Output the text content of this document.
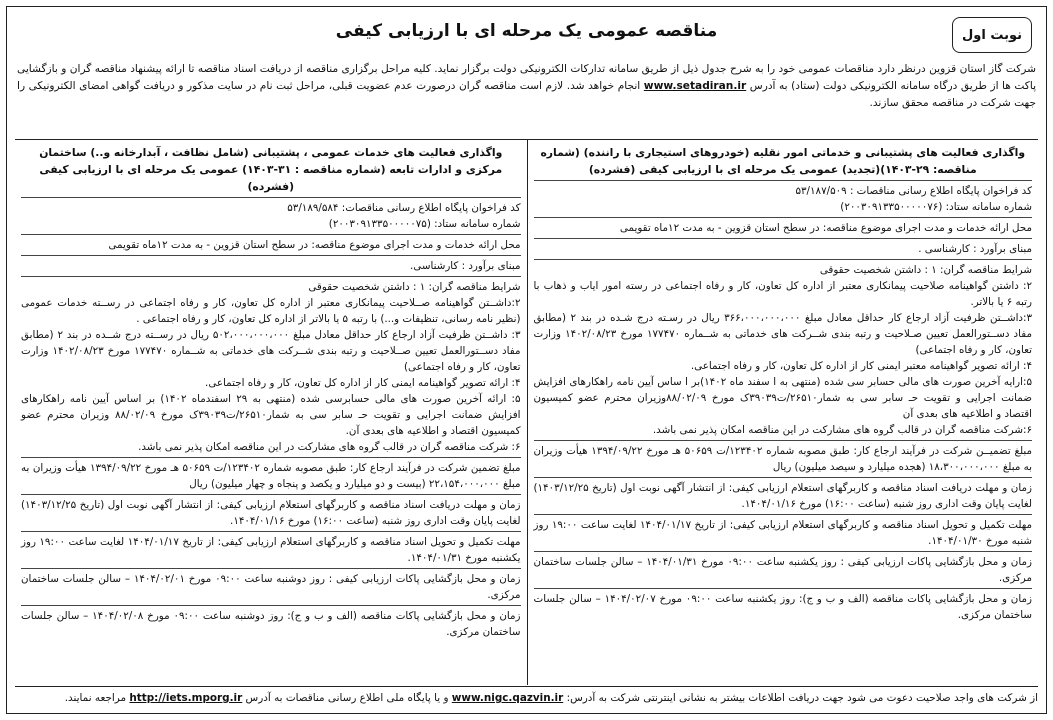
مناقصه عمومی یک مرحله ای با ارزیابی کیفی	نوبت اول
شرکت گاز استان قزوین درنظر دارد مناقصات عمومی خود را به شرح جدول ذیل از طریق سامانه تدارکات الکترونیکی دولت برگزار نماید. کلیه مراحل برگزاری مناقصه از دریافت اسناد مناقصه تا ارائه پیشنهاد مناقصه گران و بازگشایی پاکت ها از طریق درگاه سامانه الکترونیکی دولت (ستاد) به آدرس www.setadiran.ir انجام خواهد شد. لازم است مناقصه گران درصورت عدم عضویت قبلی، مراحل ثبت نام در سایت مذکور و دریافت گواهی امضای الکترونیکی را جهت شرکت در مناقصه محقق سازند.
واگذاری فعالیت های پشتیبانی و خدماتی امور نقلیه (خودروهای استیجاری با راننده) (شماره مناقصه: ۲۹-۱۴۰۳)(تجدید) عمومی یک مرحله ای با ارزیابی کیفی (فشرده)
کد فراخوان پایگاه اطلاع رسانی مناقصات : ۵۳/۱۸۷/۵۰۹
شماره سامانه ستاد: (۲۰۰۳۰۹۱۳۳۵۰۰۰۰۰۷۶)
محل ارائه خدمات و مدت اجرای موضوع مناقصه: در سطح استان قزوین - به مدت ۱۲ماه تقویمی
مبنای برآورد : کارشناسی .
شرایط مناقصه گران: ۱ : داشتن شخصیت حقوقی
۲: داشتن گواهینامه صلاحیت پیمانکاری معتبر از اداره کل تعاون، کار و رفاه اجتماعی در رسته امور ایاب و ذهاب با رتبه ۶ یا بالاتر.
۳:داشــتن ظرفیت آزاد ارجاع کار حداقل معادل مبلغ ۳۶۶،۰۰۰،۰۰۰،۰۰۰ ریال در رسـته درج شـده در بند ۲ (مطابق مفاد دســتورالعمل تعیین صـلاحیت و رتبه بندی شــرکت های خدماتی به شــماره ۱۷۷۴۷۰ مورخ ۱۴۰۲/۰۸/۲۳ وزارت تعاون، کار و رفاه اجتماعی)
۴: ارائه تصویر گواهینامه معتبر ایمنی کار از اداره کل تعاون، کار و رفاه اجتماعی.
۵:ارایه آخرین صورت های مالی حسابر سی شده (منتهی به ا سفند ماه ۱۴۰۲)بر ا ساس آیین نامه راهکارهای افزایش ضمانت اجرایی و تقویت حـ سابر سی به شمار۲۶۵۱۰/ت۳۹۰۳۹ک مورخ ۸۸/۰۲/۰۹وزیران محترم عضو کمیسیون اقتصاد و اطلاعیه های بعدی آن
۶:شرکت مناقصه گران در قالب گروه های مشارکت در این مناقصه امکان پذیر نمی باشد.
مبلغ تضمیــن شرکت در فرآیند ارجاع کار: طبق مصوبه شماره ۱۲۳۴۰۲/ت ۵۰۶۵۹ هـ مورخ ۱۳۹۴/۰۹/۲۲ هیأت وزیران به مبلغ ۱۸،۳۰۰،۰۰۰،۰۰۰ (هجده میلیارد و سیصد میلیون) ریال
زمان و مهلت دریافت اسناد مناقصه و کاربرگهای استعلام ارزیابی کیفی: از انتشار آگهی نوبت اول (تاریخ ۱۴۰۳/۱۲/۲۵) لغایت پایان وقت اداری روز شنبه (ساعت ۱۶:۰۰) مورخ ۱۴۰۴/۰۱/۱۶.
مهلت تکمیل و تحویل اسناد مناقصه و کاربرگهای استعلام ارزیابی کیفی: از تاریخ ۱۴۰۴/۰۱/۱۷ لغایت ساعت ۱۹:۰۰ روز شنبه مورخ ۱۴۰۴/۰۱/۳۰.
زمان و محل بازگشایی پاکات ارزیابی کیفی : روز یکشنبه ساعت ۰۹:۰۰ مورخ ۱۴۰۴/۰۱/۳۱ – سالن جلسات ساختمان مرکزی.
زمان و محل بازگشایی پاکات مناقصه (الف و ب و ج): روز یکشنبه ساعت ۰۹:۰۰ مورخ ۱۴۰۴/۰۲/۰۷ – سالن جلسات ساختمان مرکزی.
واگذاری فعالیت های خدمات عمومی ، پشتیبانی (شامل نظافت ، آبدارخانه و..) ساختمان مرکزی و ادارات تابعه (شماره مناقصه : ۳۱-۱۴۰۳) عمومی یک مرحله ای با ارزیابی کیفی (فشرده)
کد فراخوان پایگاه اطلاع رسانی مناقصات: ۵۳/۱۸۹/۵۸۴
شماره سامانه ستاد: (۲۰۰۳۰۹۱۳۳۵۰۰۰۰۰۷۵)
محل ارائه خدمات و مدت اجرای موضوع مناقصه: در سطح استان قزوین - به مدت ۱۲ماه تقویمی
مبنای برآورد : کارشناسی.
شرایط مناقصه گران: ۱ : داشتن شخصیت حقوقی
۲:داشــتن گواهینامه صــلاحیت پیمانکاری معتبر از اداره کل تعاون، کار و رفاه اجتماعی در رســته خدمات عمومی (نظیر نامه رسانی، تنظیفات و...) با رتبه ۵ یا بالاتر از اداره کل تعاون، کار و رفاه اجتماعی .
۳: داشــتن ظرفیت آزاد ارجاع کار حداقل معادل مبلغ ۵۰۲،۰۰۰،۰۰۰،۰۰۰ ریال در رســته درج شــده در بند ۲ (مطابق مفاد دســتورالعمل تعیین صــلاحیت و رتبه بندی شــرکت های خدماتی به شــماره ۱۷۷۴۷۰ مورخ ۱۴۰۲/۰۸/۲۳ وزارت تعاون، کار و رفاه اجتماعی)
۴: ارائه تصویر گواهینامه ایمنی کار از اداره کل تعاون، کار و رفاه اجتماعی.
۵: ارائه آخرین صورت های مالی حسابرسی شده (منتهی به ۲۹ اسفندماه ۱۴۰۲) بر اساس آیین نامه راهکارهای افزایش ضمانت اجرایی و تقویت حـ سابر سی به شمار۲۶۵۱۰/ت۳۹۰۳۹ک مورخ ۸۸/۰۲/۰۹ وزیران محترم عضو کمیسیون اقتصاد و اطلاعیه های بعدی آن.
۶: شرکت مناقصه گران در قالب گروه های مشارکت در این مناقصه امکان پذیر نمی باشد.
مبلغ تضمین شرکت در فرآیند ارجاع کار: طبق مصوبه شماره ۱۲۳۴۰۲/ت ۵۰۶۵۹ هـ مورخ ۱۳۹۴/۰۹/۲۲ هیأت وزیران به مبلغ ۲۲،۱۵۴،۰۰۰،۰۰۰ (بیست و دو میلیارد و یکصد و پنجاه و چهار میلیون) ریال
زمان و مهلت دریافت اسناد مناقصه و کاربرگهای استعلام ارزیابی کیفی: از انتشار آگهی نوبت اول (تاریخ ۱۴۰۳/۱۲/۲۵) لغایت پایان وقت اداری روز شنبه (ساعت ۱۶:۰۰) مورخ ۱۴۰۴/۰۱/۱۶.
مهلت تکمیل و تحویل اسناد مناقصه و کاربرگهای استعلام ارزیابی کیفی: از تاریخ ۱۴۰۴/۰۱/۱۷ لغایت ساعت ۱۹:۰۰ روز یکشنبه مورخ ۱۴۰۴/۰۱/۳۱.
زمان و محل بازگشایی پاکات ارزیابی کیفی : روز دوشنبه ساعت ۰۹:۰۰ مورخ ۱۴۰۴/۰۲/۰۱ – سالن جلسات ساختمان مرکزی.
زمان و محل بازگشایی پاکات مناقصه (الف و ب و ج): روز دوشنبه ساعت ۰۹:۰۰ مورخ ۱۴۰۴/۰۲/۰۸ – سالن جلسات ساختمان مرکزی.
از شرکت های واجد صلاحیت دعوت می شود جهت دریافت اطلاعات بیشتر به نشانی اینترنتی شرکت به آدرس: www.nigc.qazvin.ir و یا پایگاه ملی اطلاع رسانی مناقصات به آدرس http://iets.mporg.ir مراجعه نمایند.
